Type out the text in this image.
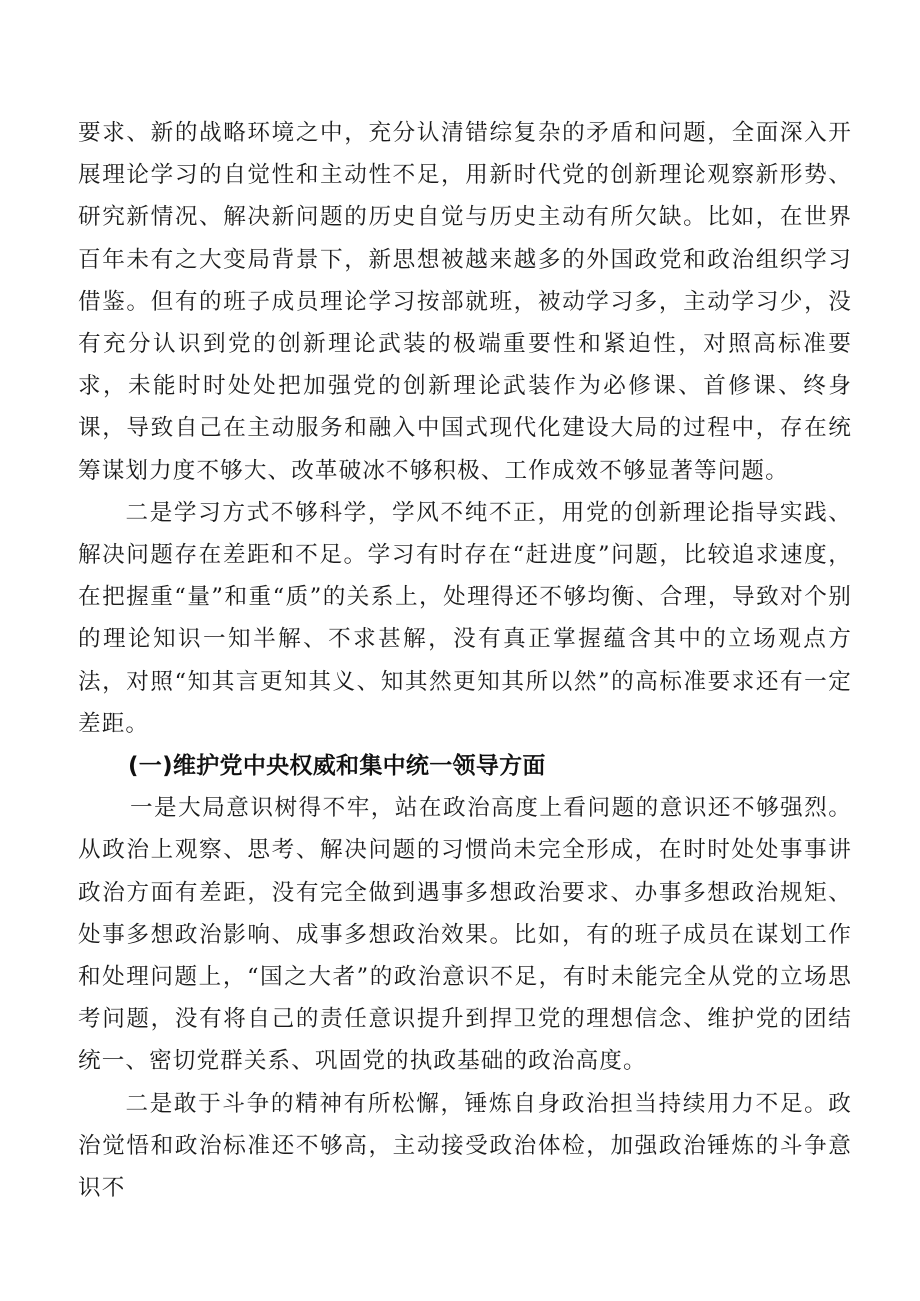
要求、新的战略环境之中，充分认清错综复杂的矛盾和问题，全面深入开展理论学习的自觉性和主动性不足，用新时代党的创新理论观察新形势、研究新情况、解决新问题的历史自觉与历史主动有所欠缺。比如，在世界百年未有之大变局背景下，新思想被越来越多的外国政党和政治组织学习借鉴。但有的班子成员理论学习按部就班，被动学习多，主动学习少，没有充分认识到党的创新理论武装的极端重要性和紧迫性，对照高标准要求，未能时时处处把加强党的创新理论武装作为必修课、首修课、终身课，导致自己在主动服务和融入中国式现代化建设大局的过程中，存在统筹谋划力度不够大、改革破冰不够积极、工作成效不够显著等问题。

二是学习方式不够科学，学风不纯不正，用党的创新理论指导实践、解决问题存在差距和不足。学习有时存在“赶进度”问题，比较追求速度，在把握重“量”和重“质”的关系上，处理得还不够均衡、合理，导致对个别的理论知识一知半解、不求甚解，没有真正掌握蕴含其中的立场观点方法，对照“知其言更知其义、知其然更知其所以然”的高标准要求还有一定差距。

(一)维护党中央权威和集中统一领导方面

一是大局意识树得不牢，站在政治高度上看问题的意识还不够强烈。从政治上观察、思考、解决问题的习惯尚未完全形成，在时时处处事事讲政治方面有差距，没有完全做到遇事多想政治要求、办事多想政治规矩、处事多想政治影响、成事多想政治效果。比如，有的班子成员在谋划工作和处理问题上，“国之大者”的政治意识不足，有时未能完全从党的立场思考问题，没有将自己的责任意识提升到捍卫党的理想信念、维护党的团结统一、密切党群关系、巩固党的执政基础的政治高度。

二是敢于斗争的精神有所松懈，锤炼自身政治担当持续用力不足。政治觉悟和政治标准还不够高，主动接受政治体检，加强政治锤炼的斗争意识不
